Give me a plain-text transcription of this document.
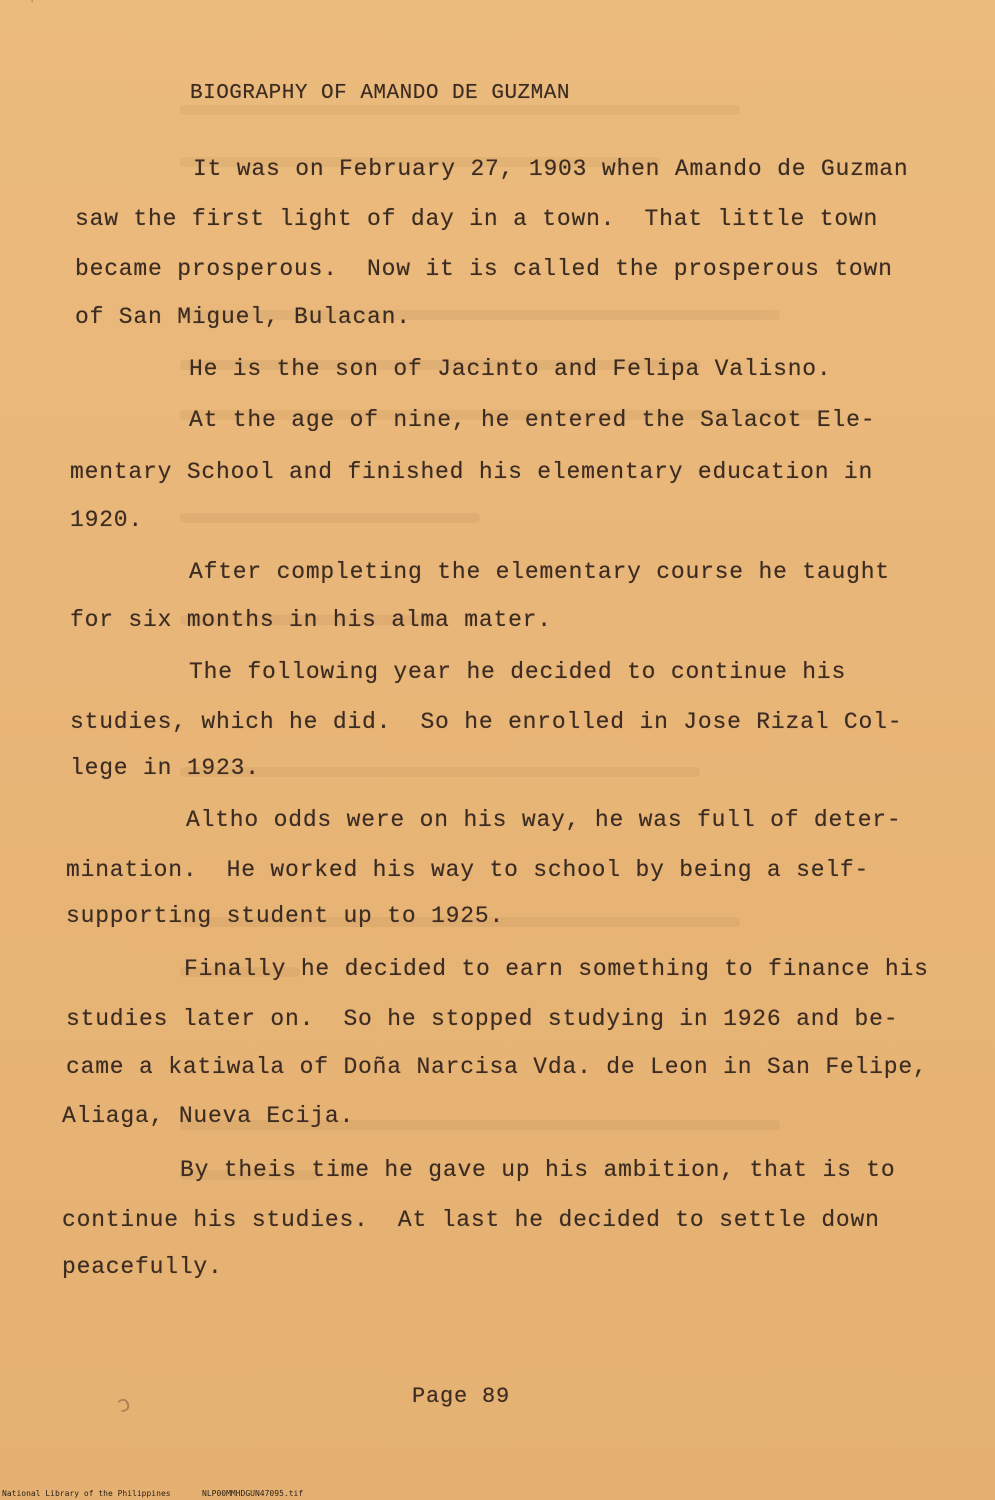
·
ɔ
BIOGRAPHY OF AMANDO DE GUZMAN
It was on February 27, 1903 when Amando de Guzman
saw the first light of day in a town.  That little town
became prosperous.  Now it is called the prosperous town
of San Miguel, Bulacan.
He is the son of Jacinto and Felipa Valisno.
At the age of nine, he entered the Salacot Ele-
mentary School and finished his elementary education in
1920.
After completing the elementary course he taught
for six months in his alma mater.
The following year he decided to continue his
studies, which he did.  So he enrolled in Jose Rizal Col-
lege in 1923.
Altho odds were on his way, he was full of deter-
mination.  He worked his way to school by being a self-
supporting student up to 1925.
Finally he decided to earn something to finance his
studies later on.  So he stopped studying in 1926 and be-
came a katiwala of Doña Narcisa Vda. de Leon in San Felipe,
Aliaga, Nueva Ecija.
By theis time he gave up his ambition, that is to
continue his studies.  At last he decided to settle down
peacefully.
Page 89
National Library of the Philippines	NLP00MMHDGUN47095.tif
